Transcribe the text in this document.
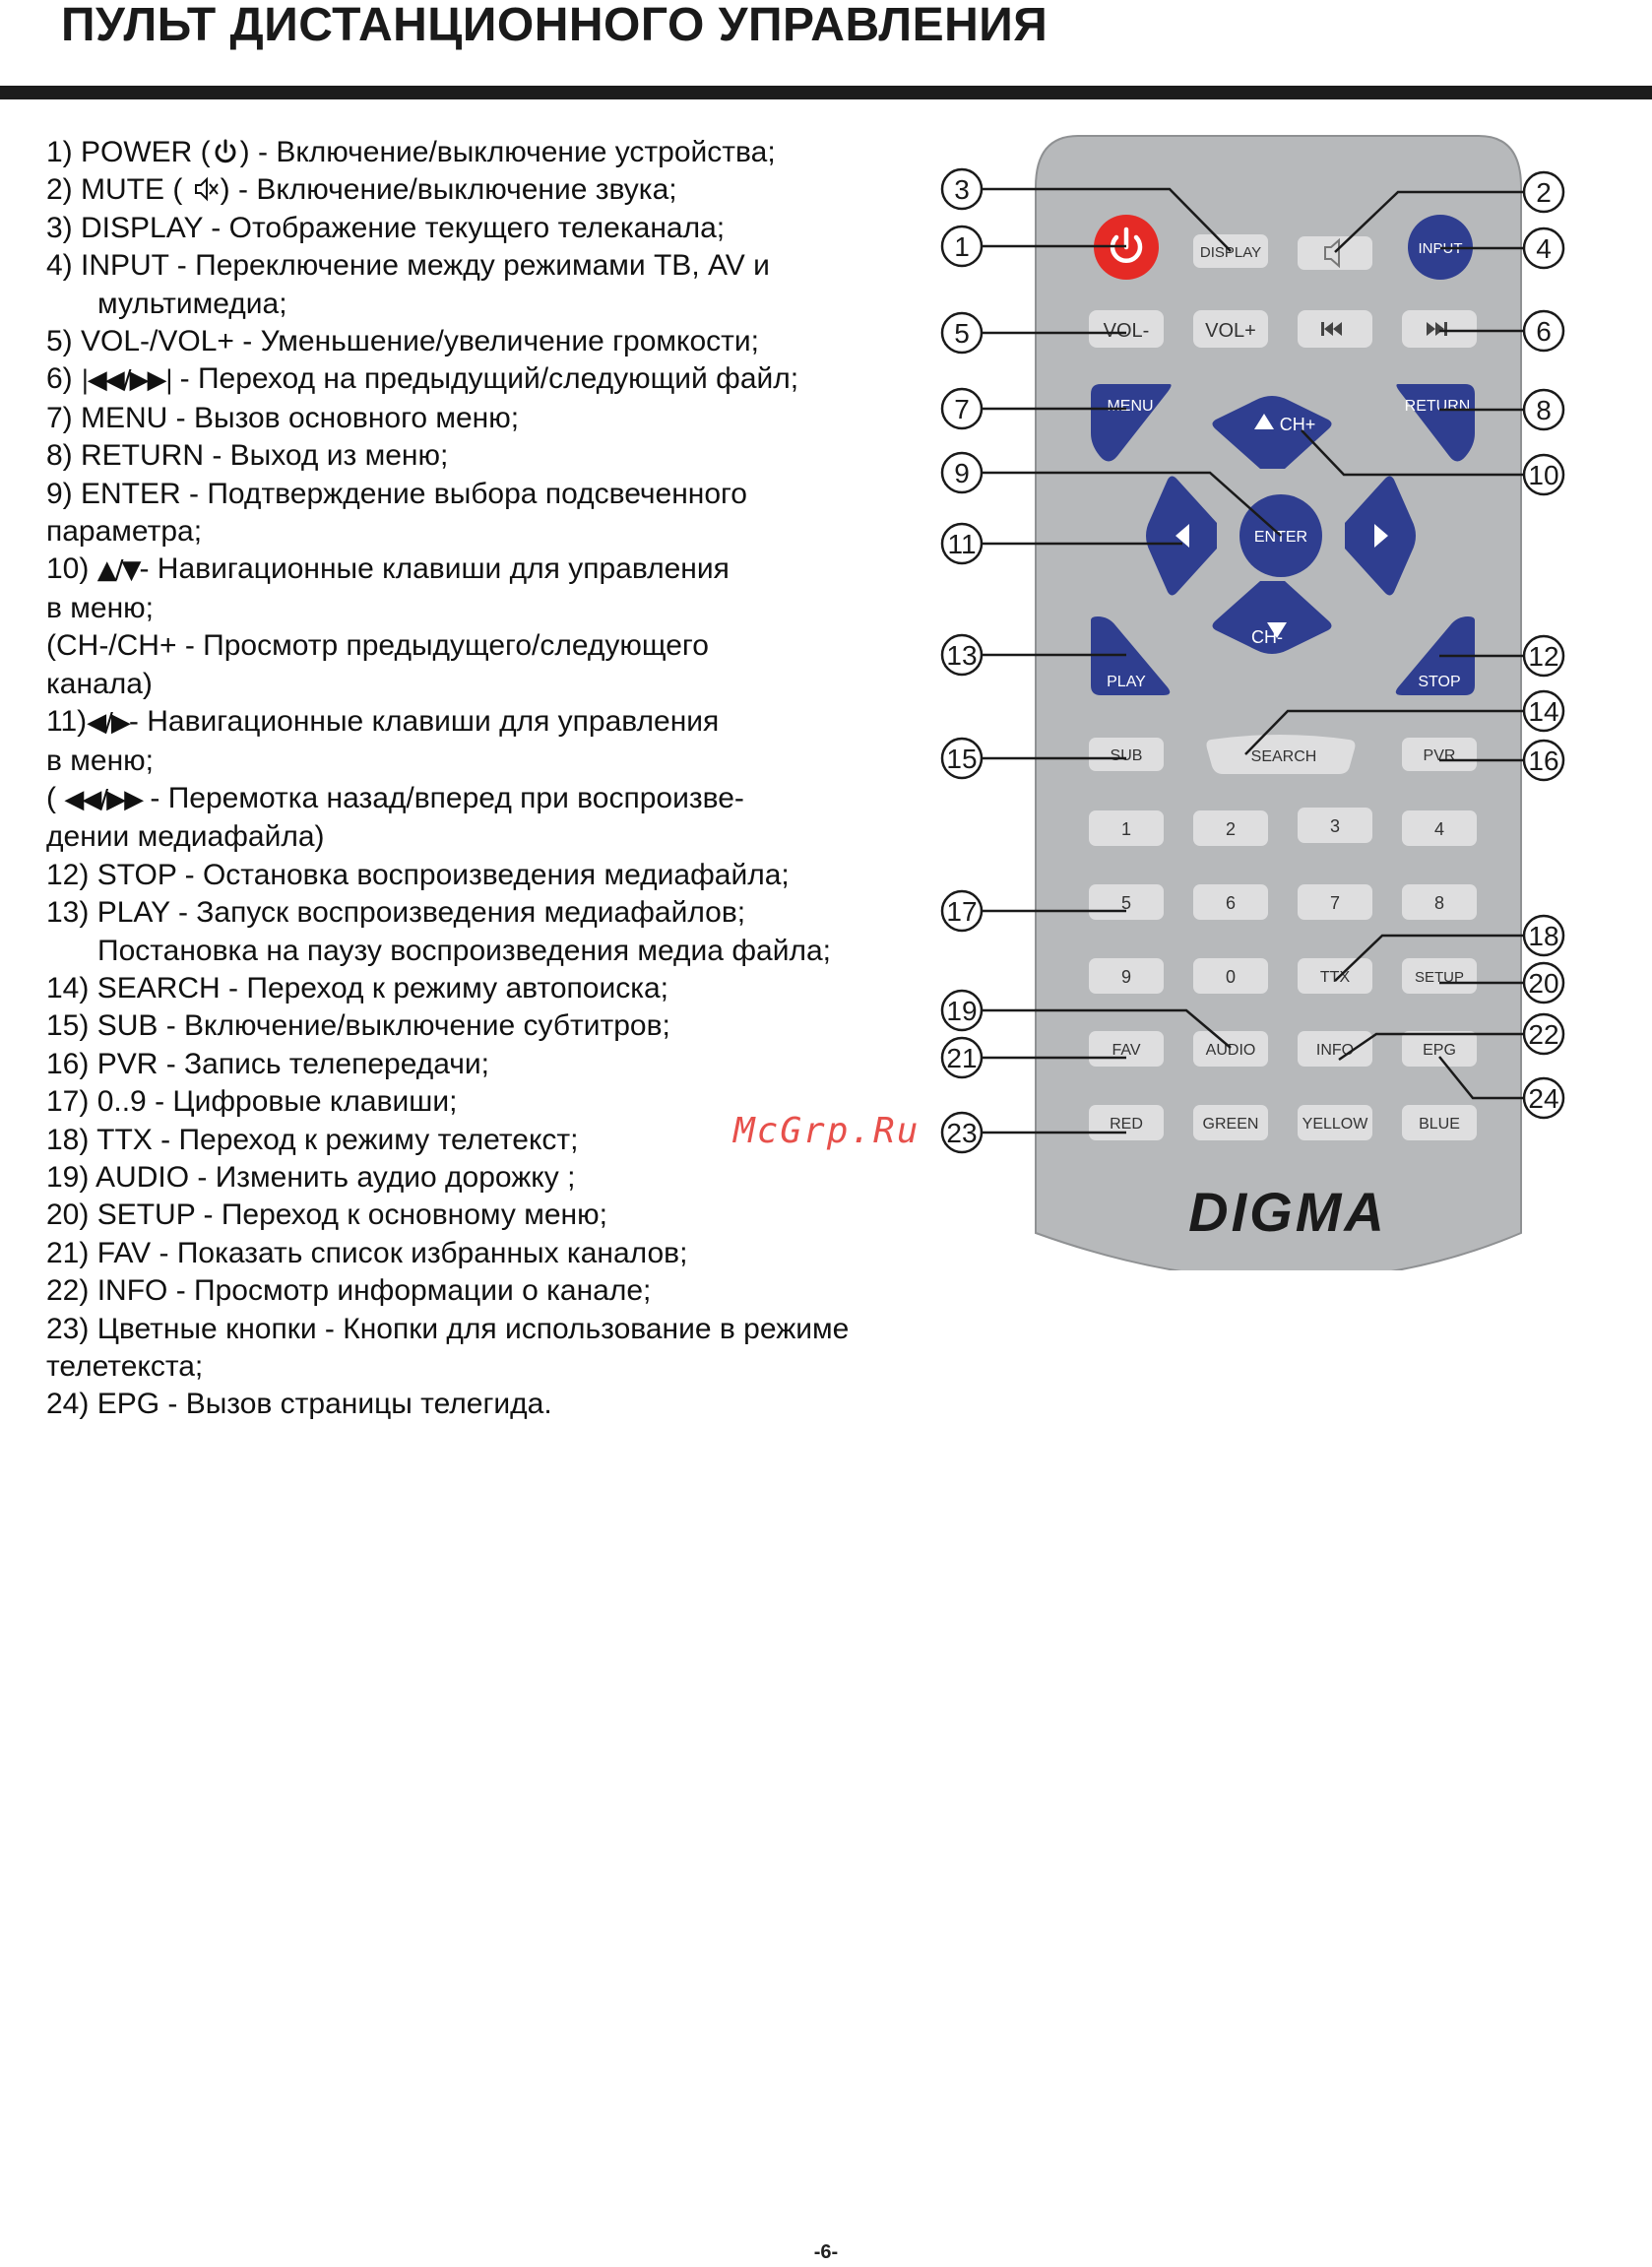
ПУЛЬТ ДИСТАНЦИОННОГО УПРАВЛЕНИЯ
1) POWER ( ) - Включение/выключение устройства;
2) MUTE ( ) - Включение/выключение звука;
3) DISPLAY - Отображение текущего телеканала;
4) INPUT - Переключение между режимами ТВ, AV и
мультимедиа;
5) VOL-/VOL+ - Уменьшение/увеличение громкости;
6) |◀◀/▶▶| - Переход на предыдущий/следующий файл;
7) MENU - Вызов основного меню;
8) RETURN - Выход из меню;
9) ENTER - Подтверждение выбора подсвеченного
параметра;
10) ▲/▼- Навигационные клавиши для управления
в меню;
(CH-/CH+ - Просмотр предыдущего/следующего
канала)
11)◀/▶- Навигационные клавиши для управления
в меню;
( ◀◀/▶▶ - Перемотка назад/вперед при воспроизве-
дении медиафайла)
12) STOP - Остановка воспроизведения медиафайла;
13) PLAY - Запуск воспроизведения медиафайлов;
Постановка на паузу воспроизведения медиа файла;
14) SEARCH - Переход к режиму автопоиска;
15) SUB - Включение/выключение субтитров;
16) PVR - Запись телепередачи;
17) 0..9 - Цифровые клавиши;
18) TTX - Переход к режиму телетекст;
19) AUDIO - Изменить аудио дорожку ;
20) SETUP - Переход к основному меню;
21) FAV - Показать список избранных каналов;
22) INFO - Просмотр информации о канале;
23) Цветные кнопки - Кнопки для использование в режиме
телетекста;
24) EPG - Вызов страницы телегида.
McGrp.Ru
DISPLAY	INPUT
VOL-	VOL+
MENU	RETURN
CH+
CH-
ENTER
PLAY	STOP
SUB	SEARCH	PVR
1	2	3	4
5	6	7	8
9	0	TTX	SETUP
FAV	AUDIO	INFO	EPG
RED	GREEN	YELLOW	BLUE
DIGMA
1
2
3
4
5	6
7	8
9	10
11
12
13
14
15	16
17
18
19
20
21
22
23
24
-6-
